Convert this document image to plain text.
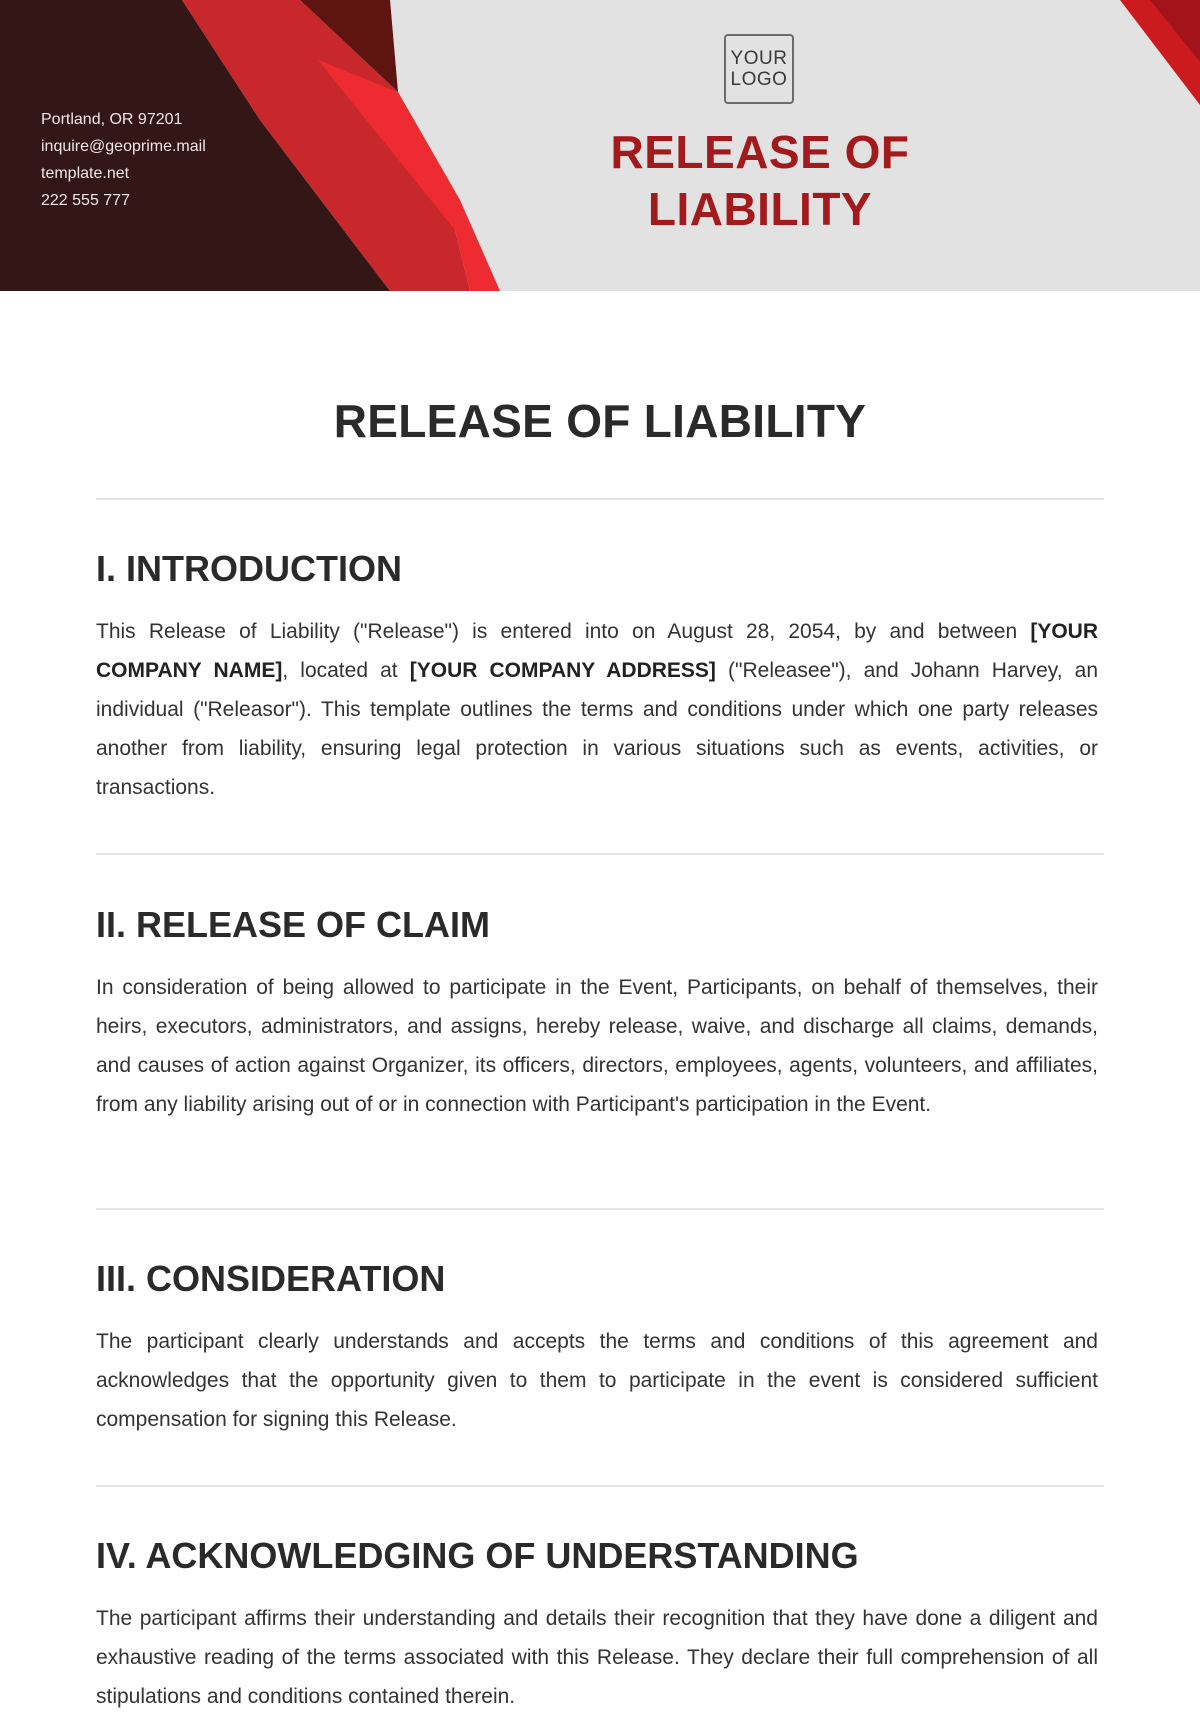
Portland, OR 97201
inquire@geoprime.mail
template.net
222 555 777
YOUR
LOGO
RELEASE OF
LIABILITY
RELEASE OF LIABILITY
I. INTRODUCTION

This Release of Liability ("Release") is entered into on August 28, 2054, by and between [YOUR COMPANY NAME], located at [YOUR COMPANY ADDRESS] ("Releasee"), and Johann Harvey, an individual ("Releasor"). This template outlines the terms and conditions under which one party releases another from liability, ensuring legal protection in various situations such as events, activities, or transactions.

II. RELEASE OF CLAIM

In consideration of being allowed to participate in the Event, Participants, on behalf of themselves, their heirs, executors, administrators, and assigns, hereby release, waive, and discharge all claims, demands, and causes of action against Organizer, its officers, directors, employees, agents, volunteers, and affiliates, from any liability arising out of or in connection with Participant's participation in the Event.

III. CONSIDERATION

The participant clearly understands and accepts the terms and conditions of this agreement and acknowledges that the opportunity given to them to participate in the event is considered sufficient compensation for signing this Release.

IV. ACKNOWLEDGING OF UNDERSTANDING

The participant affirms their understanding and details their recognition that they have done a diligent and exhaustive reading of the terms associated with this Release. They declare their full comprehension of all stipulations and conditions contained therein.
